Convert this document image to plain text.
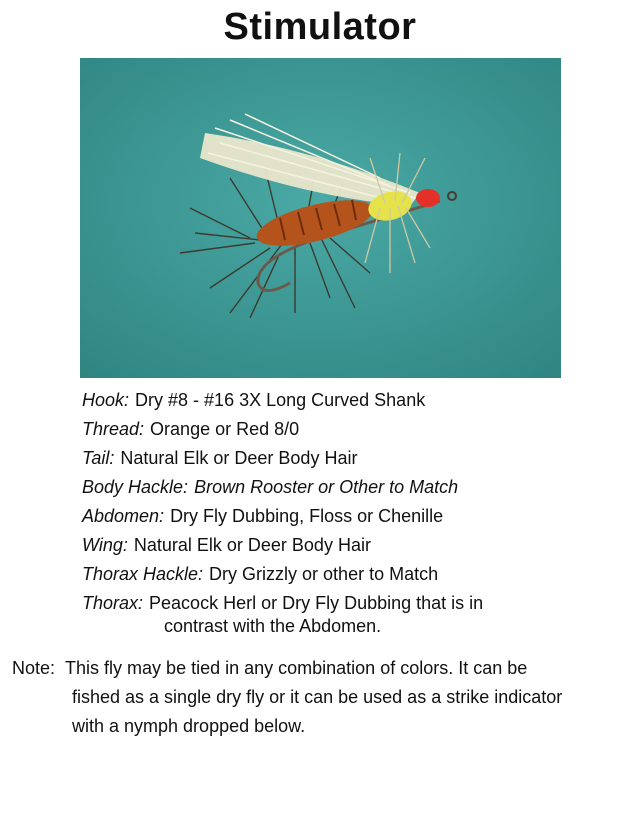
Stimulator
Hook: Dry #8 - #16 3X Long Curved Shank
Thread: Orange or Red 8/0
Tail: Natural Elk or Deer Body Hair
Body Hackle: Brown Rooster or Other to Match
Abdomen: Dry Fly Dubbing, Floss or Chenille
Wing: Natural Elk or Deer Body Hair
Thorax Hackle: Dry Grizzly or other to Match
Thorax: Peacock Herl or Dry Fly Dubbing that is in
contrast with the Abdomen.
Note: This fly may be tied in any combination of colors. It can be
fished as a single dry fly or it can be used as a strike indicator
with a nymph dropped below.
